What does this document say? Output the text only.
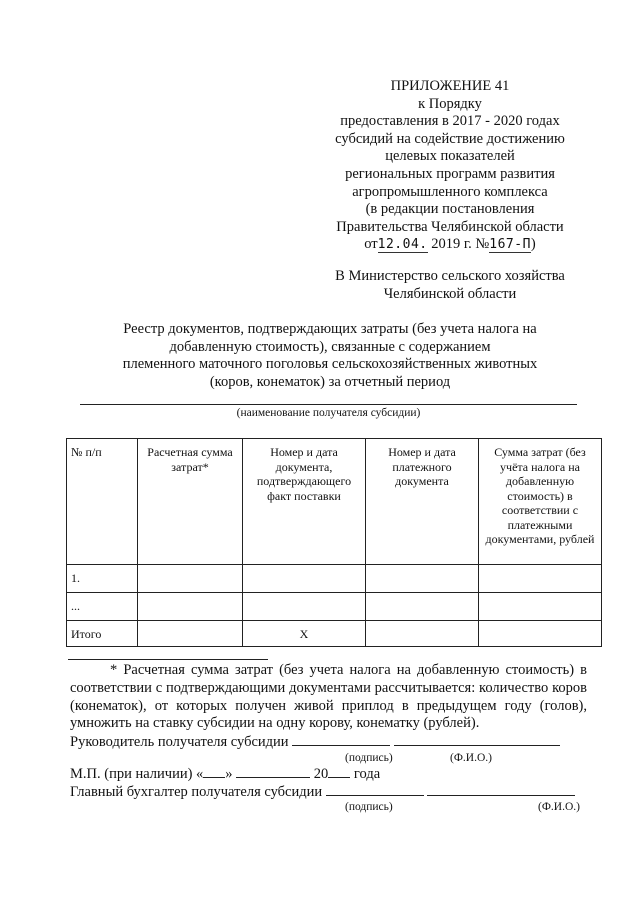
ПРИЛОЖЕНИЕ 41
к Порядку
предоставления в 2017 - 2020 годах
субсидий на содействие достижению
целевых показателей
региональных программ развития
агропромышленного комплекса
(в редакции постановления
Правительства Челябинской области
от12.04. 2019 г. №167-П)
В Министерство сельского хозяйства
Челябинской области
Реестр документов, подтверждающих затраты (без учета налога на
добавленную стоимость), связанные с содержанием
племенного маточного поголовья сельскохозяйственных животных
(коров, конематок) за отчетный период
(наименование получателя субсидии)
№ п/п	Расчетная сумма затрат*	Номер и дата документа, подтверждающего факт поставки	Номер и дата платежного документа	Сумма затрат (без учёта налога на добавленную стоимость) в соответствии с платежными документами, рублей
1.				
...				
Итого		Х		
* Расчетная сумма затрат (без учета налога на добавленную стоимость) в соответствии с подтверждающими документами рассчитывается: количество коров (конематок), от которых получен живой приплод в предыдущем году (голов), умножить на ставку субсидии на одну корову, конематку (рублей).
Руководитель получателя субсидии
(подпись)	(Ф.И.О.)
М.П. (при наличии) « »	20 года
Главный бухгалтер получателя субсидии
(подпись)	(Ф.И.О.)
